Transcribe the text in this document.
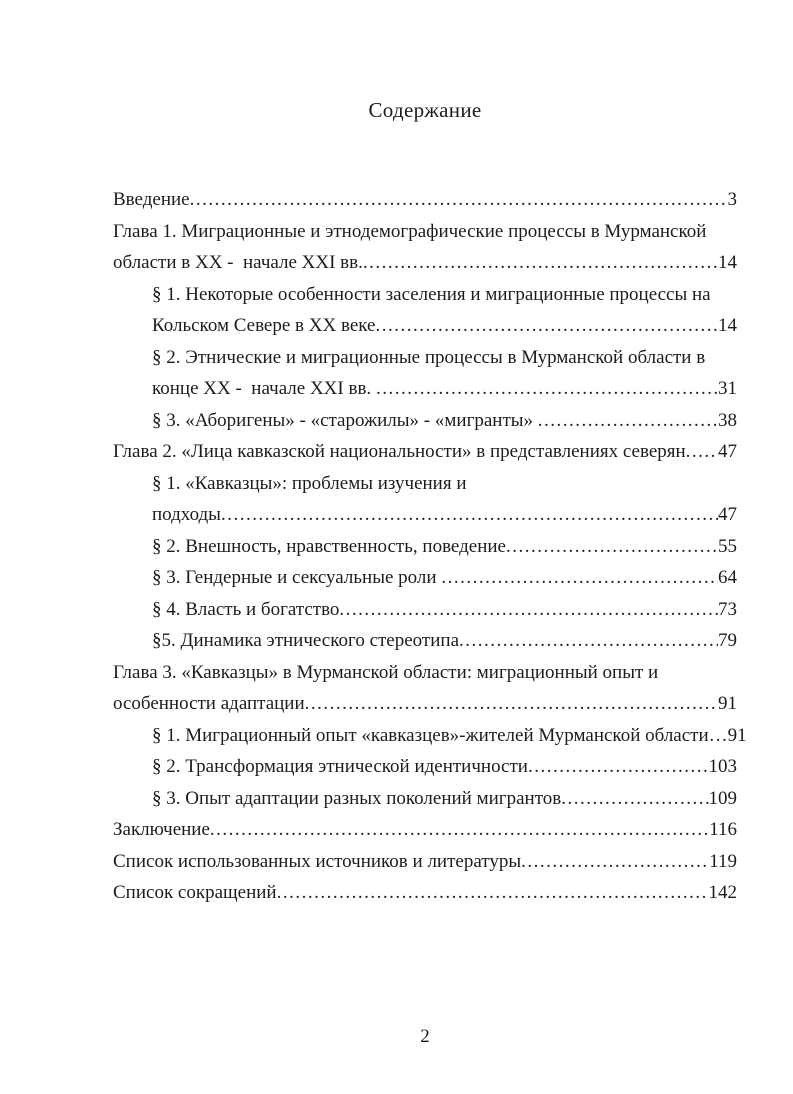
Содержание
Введение .....	3
Глава 1. Миграционные и этнодемографические процессы в Мурманской
области в XX -  начале XXI вв. .....	14
§ 1. Некоторые особенности заселения и миграционные процессы на
Кольском Севере в XX веке .....	14
§ 2. Этнические и миграционные процессы в Мурманской области в
конце XX -  начале XXI вв. .....	31
§ 3. «Аборигены» - «старожилы» - «мигранты» .....	38
Глава 2. «Лица кавказской национальности» в представлениях северян ..... 47
§ 1. «Кавказцы»: проблемы изучения и
подходы .....	47
§ 2. Внешность, нравственность, поведение .....	55
§ 3. Гендерные и сексуальные роли .....	64
§ 4. Власть и богатство .....	73
§5. Динамика этнического стереотипа .....	79
Глава 3. «Кавказцы» в Мурманской области: миграционный опыт и
особенности адаптации .....	91
§ 1. Миграционный опыт «кавказцев»-жителей Мурманской области… 91
§ 2. Трансформация этнической идентичности .....	103
§ 3. Опыт адаптации разных поколений мигрантов .....	109
Заключение .....	116
Список использованных источников и литературы .....	119
Список сокращений .....	142
2
